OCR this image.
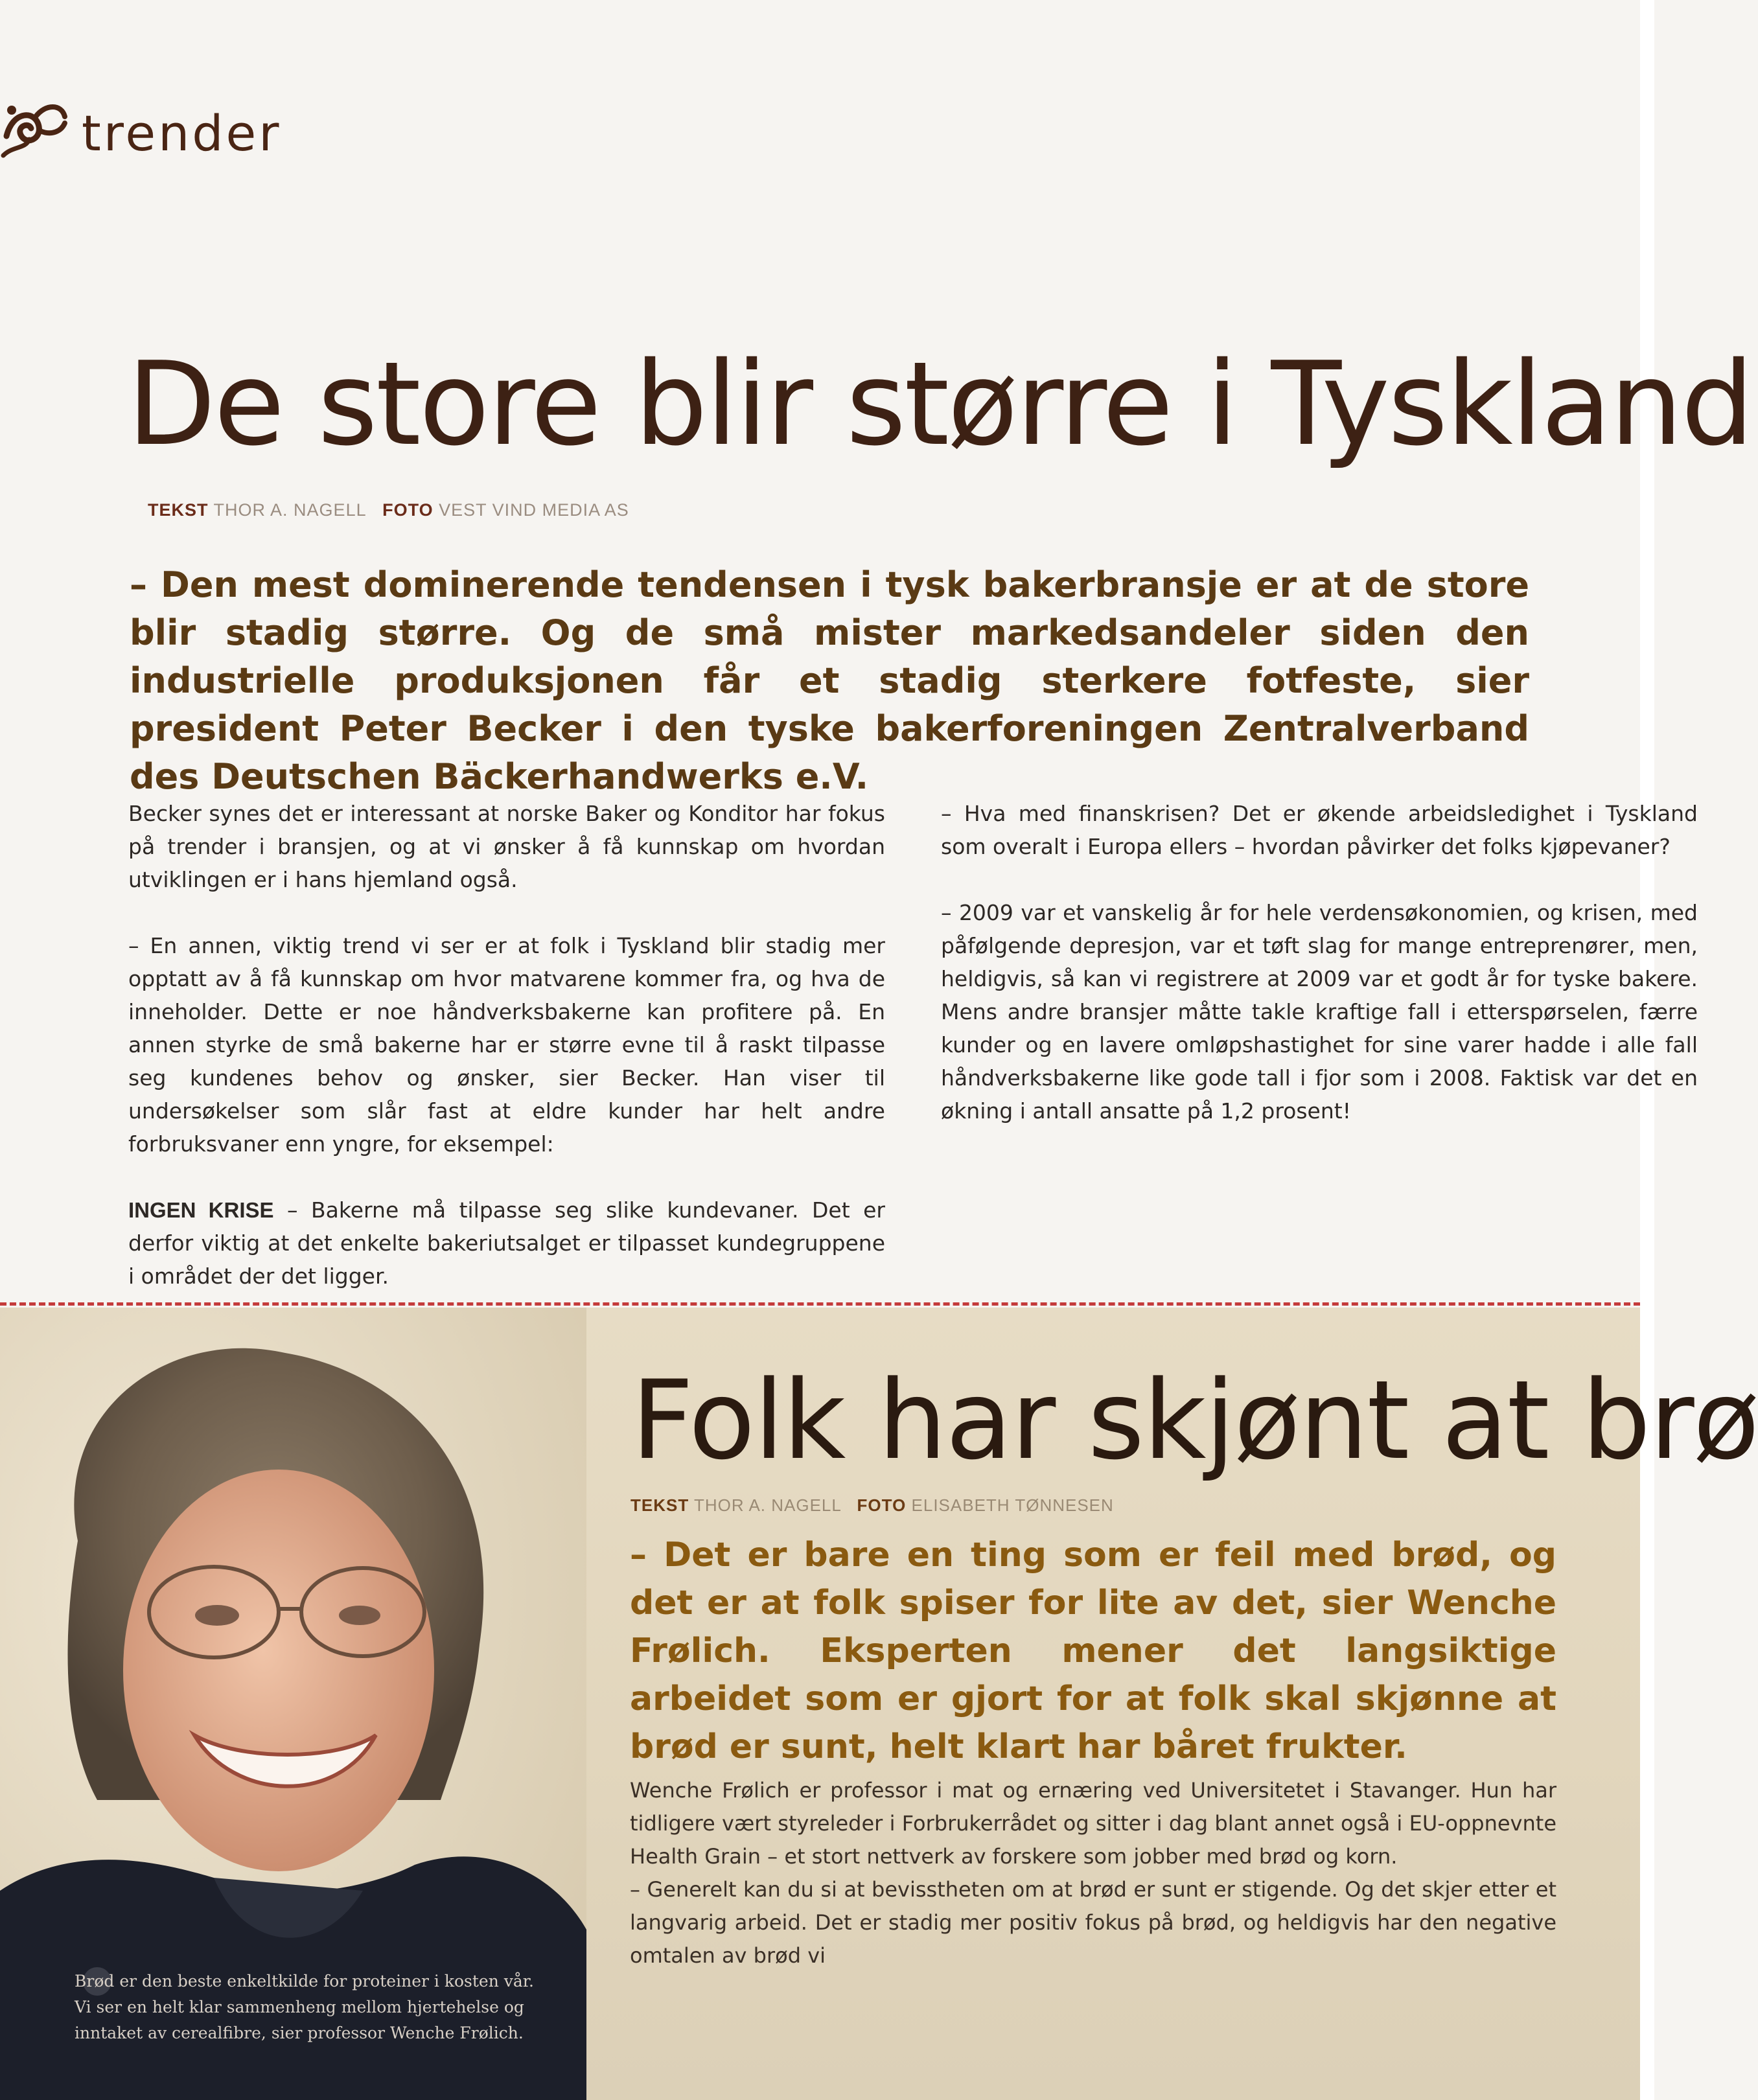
trender
De store blir større i Tyskland
TEKST THOR A. NAGELL FOTO VEST VIND MEDIA AS
– Den mest dominerende tendensen i tysk bakerbransje er at de store blir stadig større. Og de små mister markedsandeler siden den industrielle produksjonen får et stadig sterkere fotfeste, sier president Peter Becker i den tyske bakerforeningen Zentralverband des Deutschen Bäckerhandwerks e.V.

Becker synes det er interessant at norske Baker og Konditor har fokus på trender i bransjen, og at vi ønsker å få kunnskap om hvordan utviklingen er i hans hjemland også.

– En annen, viktig trend vi ser er at folk i Tyskland blir stadig mer opptatt av å få kunnskap om hvor matvarene kommer fra, og hva de inneholder. Dette er noe håndverksbakerne kan profitere på. En annen styrke de små bakerne har er større evne til å raskt tilpasse seg kundenes behov og ønsker, sier Becker. Han viser til undersøkelser som slår fast at eldre kunder har helt andre forbruksvaner enn yngre, for eksempel:

INGEN KRISE – Bakerne må tilpasse seg slike kundevaner. Det er derfor viktig at det enkelte bakeriutsalget er tilpasset kundegruppene i området der det ligger.

– Hva med finanskrisen? Det er økende arbeidsledighet i Tyskland som overalt i Europa ellers – hvordan påvirker det folks kjøpevaner?

– 2009 var et vanskelig år for hele verdensøkonomien, og krisen, med påfølgende depresjon, var et tøft slag for mange entreprenører, men, heldigvis, så kan vi registrere at 2009 var et godt år for tyske bakere. Mens andre bransjer måtte takle kraftige fall i etterspørselen, færre kunder og en lavere omløpshastighet for sine varer hadde i alle fall håndverksbakerne like gode tall i fjor som i 2008. Faktisk var det en økning i antall ansatte på 1,2 prosent!

Brød er den beste enkeltkilde for proteiner i kosten vår. Vi ser en helt klar sammenheng mellom hjertehelse og inntaket av cerealfibre, sier professor Wenche Frølich.
Folk har skjønt at brø
TEKST THOR A. NAGELL FOTO ELISABETH TØNNESEN
– Det er bare en ting som er feil med brød, og det er at folk spiser for lite av det, sier Wenche Frølich. Eksperten mener det langsiktige arbeidet som er gjort for at folk skal skjønne at brød er sunt, helt klart har båret frukter.

Wenche Frølich er professor i mat og ernæring ved Universitetet i Stavanger. Hun har tidligere vært styreleder i Forbrukerrådet og sitter i dag blant annet også i EU-oppnevnte Health Grain – et stort nettverk av forskere som jobber med brød og korn.

– Generelt kan du si at bevisstheten om at brød er sunt er stigende. Og det skjer etter et langvarig arbeid. Det er stadig mer positiv fokus på brød, og heldigvis har den negative omtalen av brød vi
